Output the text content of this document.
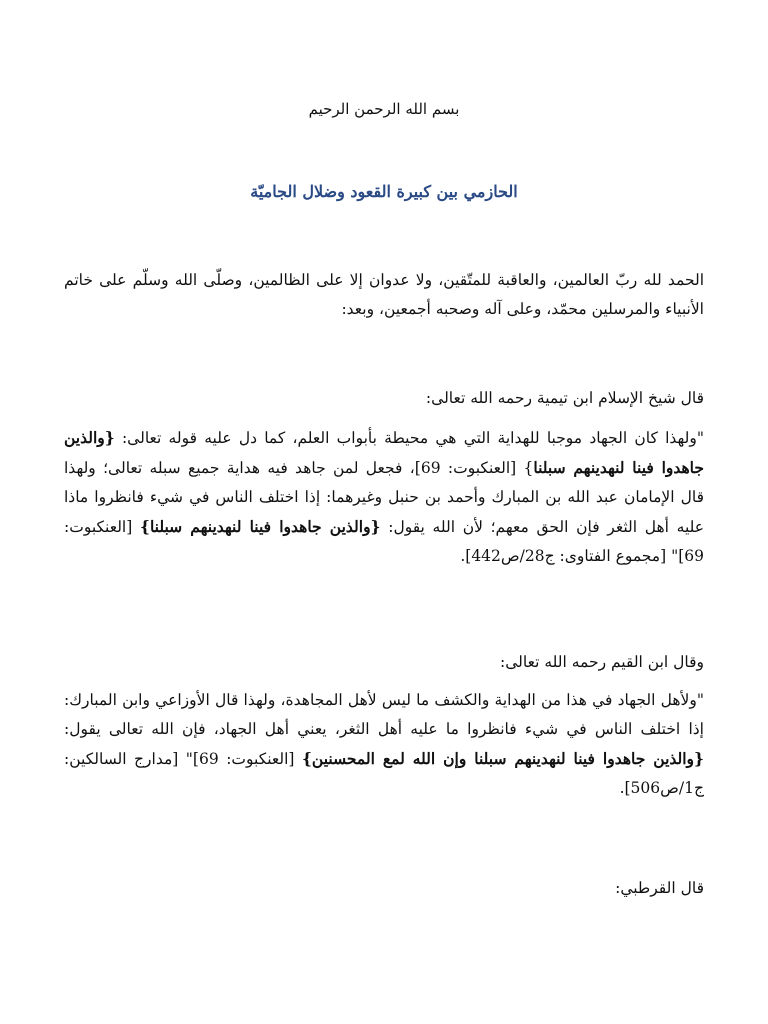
بسم الله الرحمن الرحيم
الحازمي بين كبيرة القعود وضلال الجاميّة
الحمد لله ربّ العالمين، والعاقبة للمتّقين، ولا عدوان إلا على الظالمين، وصلّى الله وسلّم على خاتم
الأنبياء والمرسلين محمّد، وعلى آله وصحبه أجمعين، وبعد:
قال شيخ الإسلام ابن تيمية رحمه الله تعالى:
"ولهذا كان الجهاد موجبا للهداية التي هي محيطة بأبواب العلم، كما دل عليه قوله تعالى: {والذين
جاهدوا فينا لنهدينهم سبلنا} [العنكبوت: 69]، فجعل لمن جاهد فيه هداية جميع سبله تعالى؛ ولهذا
قال الإمامان عبد الله بن المبارك وأحمد بن حنبل وغيرهما: إذا اختلف الناس في شيء فانظروا ماذا
عليه أهل الثغر فإن الحق معهم؛ لأن الله يقول: {والذين جاهدوا فينا لنهدينهم سبلنا} [العنكبوت:
69]" [مجموع الفتاوى: ج28/ص442].
وقال ابن القيم رحمه الله تعالى:
"ولأهل الجهاد في هذا من الهداية والكشف ما ليس لأهل المجاهدة، ولهذا قال الأوزاعي وابن المبارك:
إذا اختلف الناس في شيء فانظروا ما عليه أهل الثغر، يعني أهل الجهاد، فإن الله تعالى يقول:
{والذين جاهدوا فينا لنهدينهم سبلنا وإن الله لمع المحسنين} [العنكبوت: 69]" [مدارج السالكين:
ج1/ص506].
قال القرطبي:
